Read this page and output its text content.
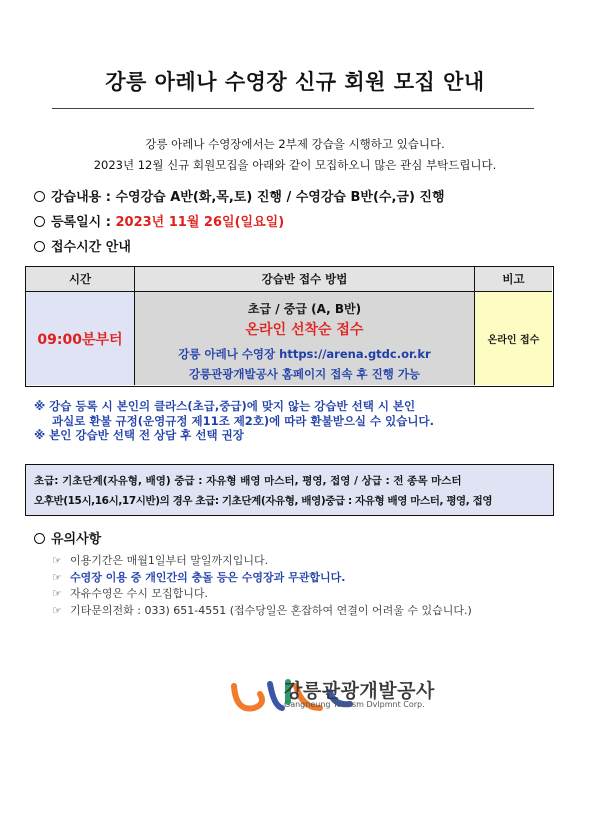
강릉 아레나 수영장 신규 회원 모집 안내
강릉 아레나 수영장에서는 2부제 강습을 시행하고 있습니다.
2023년 12월 신규 회원모집을 아래와 같이 모집하오니 많은 관심 부탁드립니다.
강습내용 : 수영강습 A반(화,목,토) 진행 / 수영강습 B반(수,금) 진행
등록일시 : 2023년 11월 26일(일요일)
접수시간 안내
시간	강습반 접수 방법	비고
09:00분부터
초급 / 중급 (A, B반)
온라인 선착순 접수
강릉 아레나 수영장 https://arena.gtdc.or.kr
강릉관광개발공사 홈페이지 접속 후 진행 가능
온라인 접수
※ 강습 등록 시 본인의 클라스(초급,중급)에 맞지 않는 강습반 선택 시 본인
과실로 환불 규정(운영규정 제11조 제2호)에 따라 환불받으실 수 있습니다.
※ 본인 강습반 선택 전 상담 후 선택 권장
초급: 기초단계(자유형, 배영) 중급 : 자유형 배영 마스터, 평영, 접영 / 상급 : 전 종목 마스터
오후반(15시,16시,17시반)의 경우 초급: 기초단계(자유형, 배영)중급 : 자유형 배영 마스터, 평영, 접영
유의사항
☞ 이용기간은 매월1일부터 말일까지입니다.
☞ 수영장 이용 중 개인간의 충돌 등은 수영장과 무관합니다.
☞ 자유수영은 수시 모집합니다.
☞ 기타문의전화 : 033) 651-4551 (접수당일은 혼잡하여 연결이 어려울 수 있습니다.)
강릉관광개발공사
Gangneung Tourism Dvlpmnt Corp.
